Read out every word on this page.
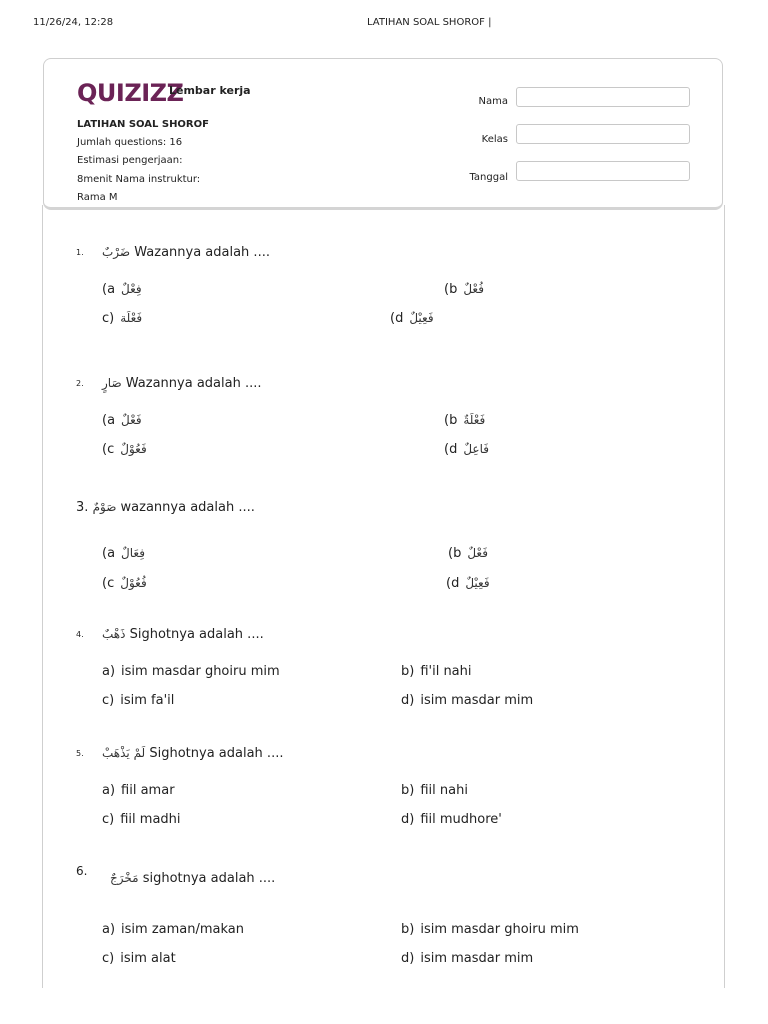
11/26/24, 12:28	LATIHAN SOAL SHOROF |
QUIZIZZ
Lembar kerja
LATIHAN SOAL SHOROF
Jumlah questions: 16
Estimasi pengerjaan:
8menit Nama instruktur:
Rama M
Nama
Kelas
Tanggal
1. ضَرْبٌ Wazannya adalah ....
(a فِعْلٌ	(b فُعْلٌ
c) فَعْلَة	(d فَعِيْلٌ
2. صَارٍ Wazannya adalah ....
(a فَعْلٌ	(b فَعْلَةٌ
(c فَعُوْلٌ	(d فَاعِلٌ
صَوْمٌ .3 wazannya adalah ....
(a فِعَالٌ	(b فَعْلٌ
(c فُعُوْلٌ	(d فَعِيْلٌ
4. ذَهْبٌ Sighotnya adalah ....
a) isim masdar ghoiru mim	b) fi'il nahi
c) isim fa'il	d) isim masdar mim
5. لَمْ يَذْهَبْ Sighotnya adalah ....
a) fiil amar	b) fiil nahi
c) fiil madhi	d) fiil mudhore'
6. مَخْرَجٌ sighotnya adalah ....
a) isim zaman/makan	b) isim masdar ghoiru mim
c) isim alat	d) isim masdar mim
